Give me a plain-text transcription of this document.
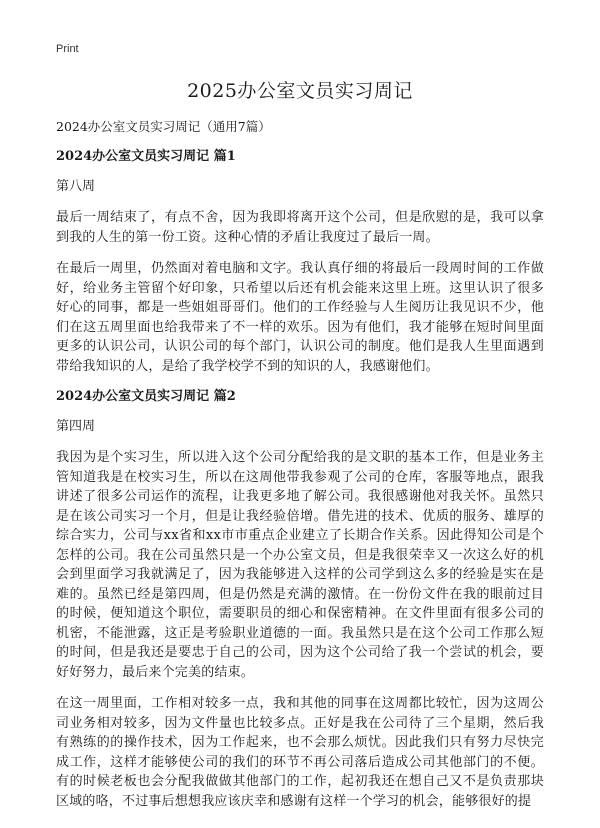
Print
2025办公室文员实习周记
2024办公室文员实习周记（通用7篇）
2024办公室文员实习周记 篇1
第八周

最后一周结束了，有点不舍，因为我即将离开这个公司，但是欣慰的是，我可以拿到我的人生的第一份工资。这种心情的矛盾让我度过了最后一周。

在最后一周里，仍然面对着电脑和文字。我认真仔细的将最后一段周时间的工作做好，给业务主管留个好印象，只希望以后还有机会能来这里上班。这里认识了很多好心的同事，都是一些姐姐哥哥们。他们的工作经验与人生阅历让我见识不少，他们在这五周里面也给我带来了不一样的欢乐。因为有他们，我才能够在短时间里面更多的认识公司，认识公司的每个部门，认识公司的制度。他们是我人生里面遇到带给我知识的人，是给了我学校学不到的知识的人，我感谢他们。

2024办公室文员实习周记 篇2
第四周

我因为是个实习生，所以进入这个公司分配给我的是文职的基本工作，但是业务主管知道我是在校实习生，所以在这周他带我参观了公司的仓库，客服等地点，跟我讲述了很多公司运作的流程，让我更多地了解公司。我很感谢他对我关怀。虽然只是在该公司实习一个月，但是让我经验倍增。借先进的技术、优质的服务、雄厚的综合实力，公司与xx省和xx市市重点企业建立了长期合作关系。因此得知公司是个怎样的公司。我在公司虽然只是一个办公室文员，但是我很荣幸又一次这么好的机会到里面学习我就满足了，因为我能够进入这样的公司学到这么多的经验是实在是难的。虽然已经是第四周，但是仍然是充满的激情。在一份份文件在我的眼前过目的时候，便知道这个职位，需要职员的细心和保密精神。在文件里面有很多公司的机密，不能泄露，这正是考验职业道德的一面。我虽然只是在这个公司工作那么短的时间，但是我还是要忠于自己的公司，因为这个公司给了我一个尝试的机会，要好好努力，最后来个完美的结束。

在这一周里面，工作相对较多一点，我和其他的同事在这周都比较忙，因为这周公司业务相对较多，因为文件量也比较多点。正好是我在公司待了三个星期，然后我有熟练的的操作技术，因为工作起来，也不会那么烦忧。因此我们只有努力尽快完成工作，这样才能够使公司的我们的环节不再公司落后造成公司其他部门的不便。有的时候老板也会分配我做做其他部门的工作，起初我还在想自己又不是负责那块区域的咯，不过事后想想我应该庆幸和感谢有这样一个学习的机会，能够很好的提
